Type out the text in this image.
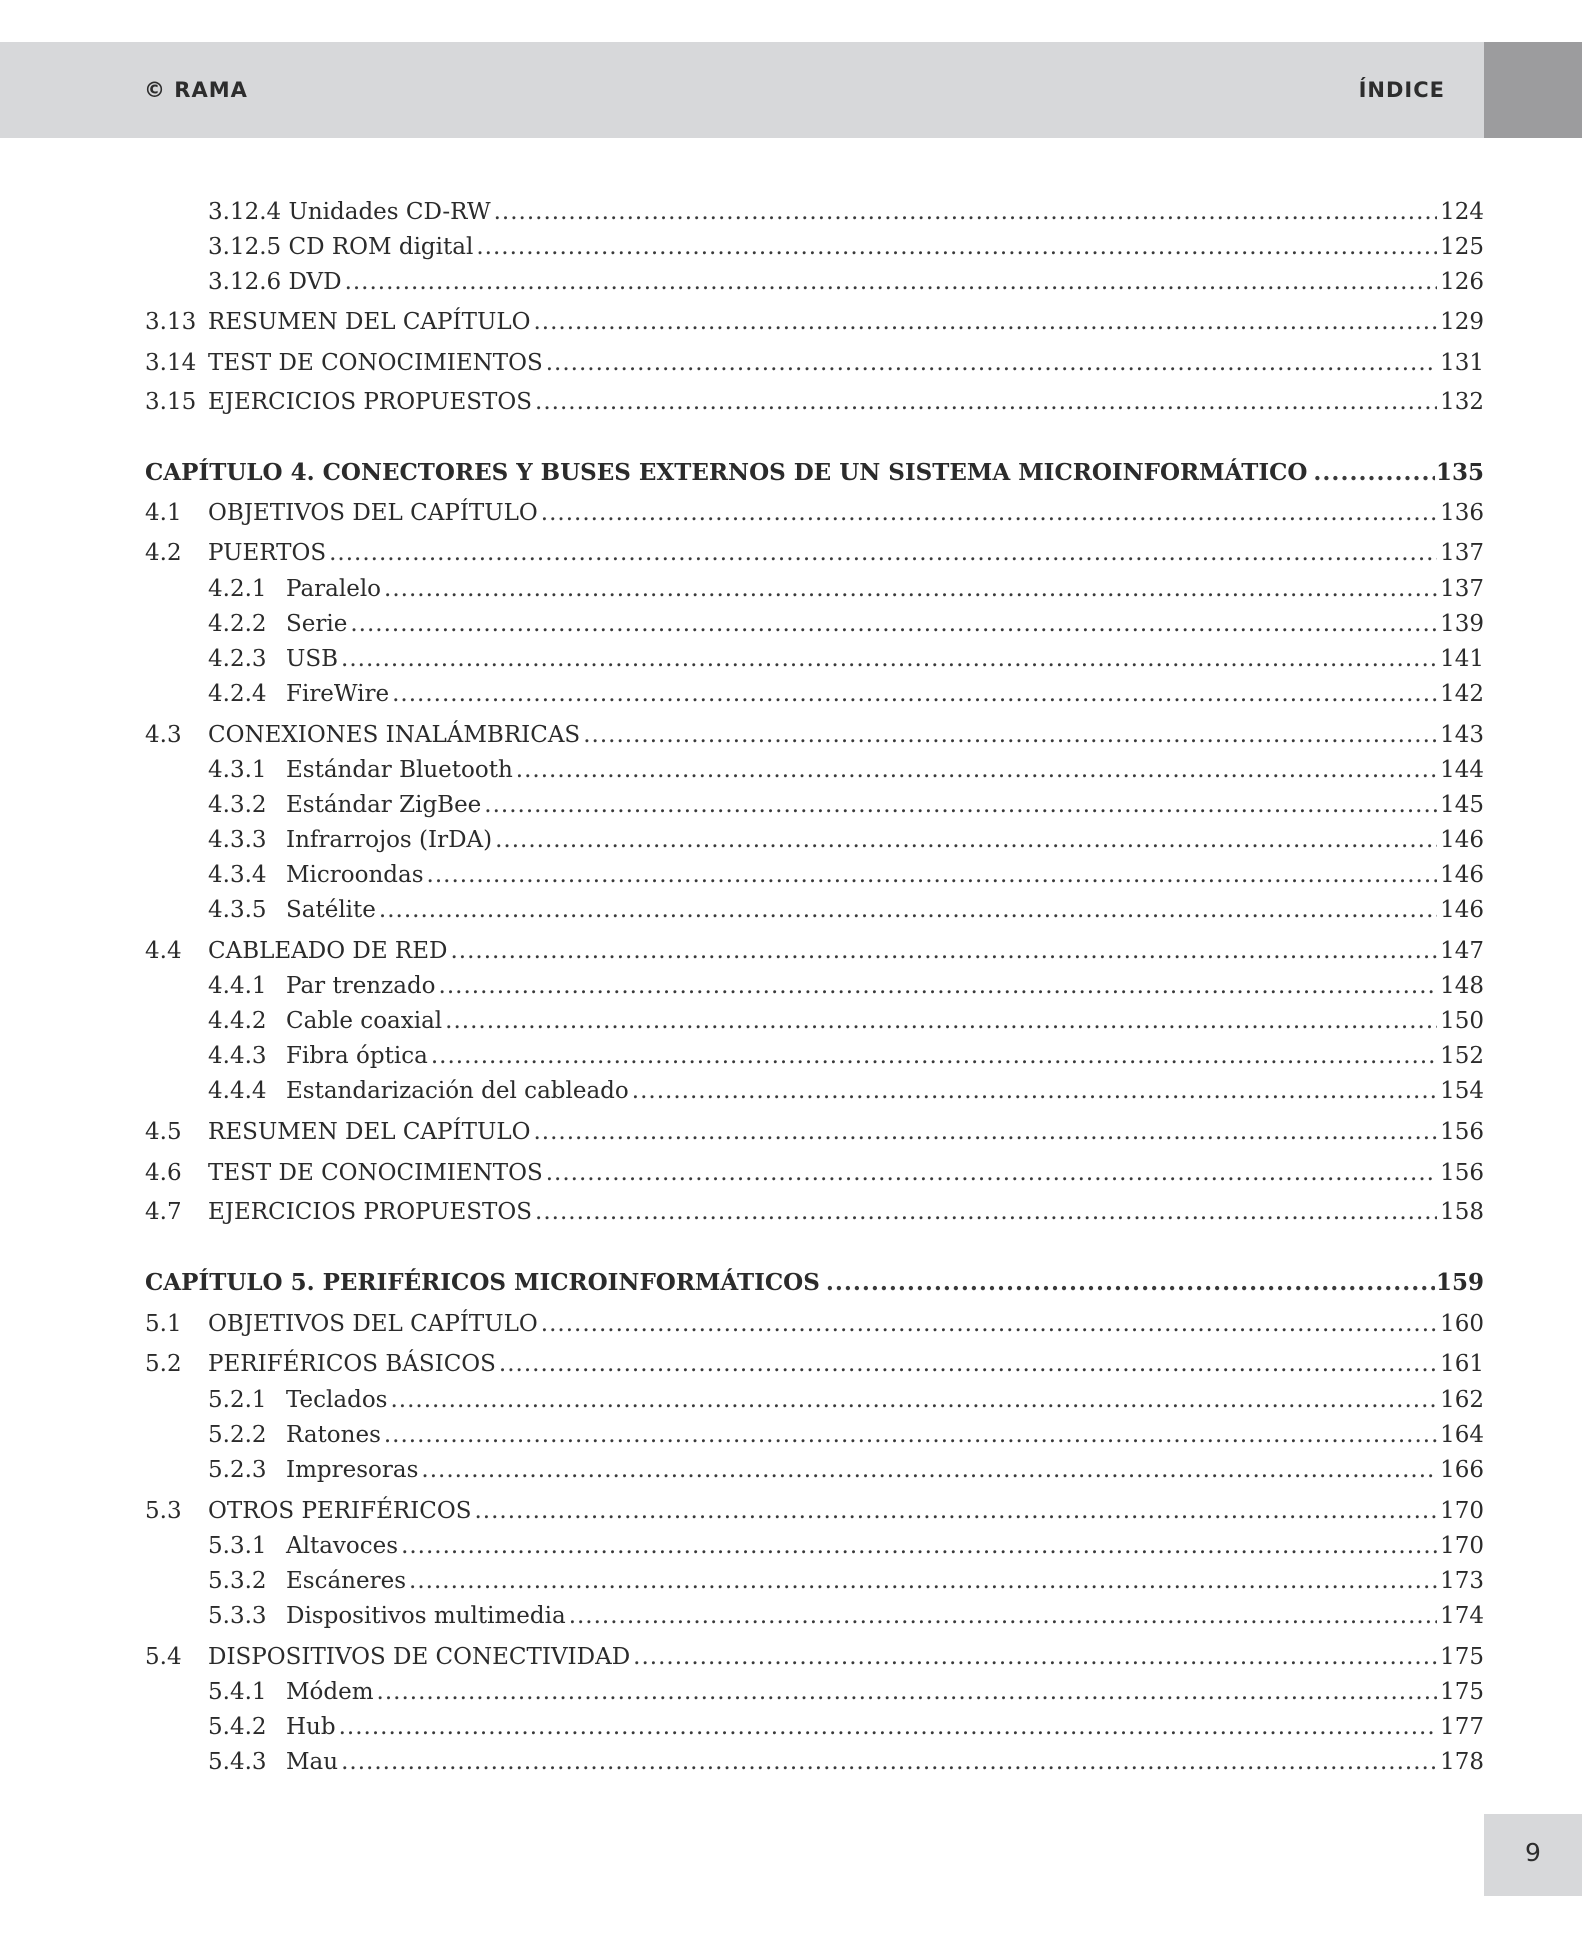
© RAMA	ÍNDICE
3.12.4 Unidades CD-RW .....	124
3.12.5 CD ROM digital .....	125
3.12.6 DVD .....	126
3.13 RESUMEN DEL CAPÍTULO .....	129
3.14 TEST DE CONOCIMIENTOS .....	131
3.15 EJERCICIOS PROPUESTOS .....	132
CAPÍTULO 4. CONECTORES Y BUSES EXTERNOS DE UN SISTEMA MICROINFORMÁTICO .....	135
4.1	OBJETIVOS DEL CAPÍTULO .....	136
4.2	PUERTOS .....	137
4.2.1 Paralelo .....	137
4.2.2 Serie .....	139
4.2.3 USB .....	141
4.2.4 FireWire .....	142
4.3	CONEXIONES INALÁMBRICAS .....	143
4.3.1 Estándar Bluetooth .....	144
4.3.2 Estándar ZigBee .....	145
4.3.3 Infrarrojos (IrDA) .....	146
4.3.4 Microondas .....	146
4.3.5 Satélite .....	146
4.4	CABLEADO DE RED .....	147
4.4.1 Par trenzado .....	148
4.4.2 Cable coaxial .....	150
4.4.3 Fibra óptica .....	152
4.4.4 Estandarización del cableado .....	154
4.5	RESUMEN DEL CAPÍTULO .....	156
4.6	TEST DE CONOCIMIENTOS .....	156
4.7	EJERCICIOS PROPUESTOS .....	158
CAPÍTULO 5. PERIFÉRICOS MICROINFORMÁTICOS .....	159
5.1	OBJETIVOS DEL CAPÍTULO .....	160
5.2	PERIFÉRICOS BÁSICOS .....	161
5.2.1 Teclados .....	162
5.2.2 Ratones .....	164
5.2.3 Impresoras .....	166
5.3	OTROS PERIFÉRICOS .....	170
5.3.1 Altavoces .....	170
5.3.2 Escáneres .....	173
5.3.3 Dispositivos multimedia .....	174
5.4	DISPOSITIVOS DE CONECTIVIDAD .....	175
5.4.1 Módem .....	175
5.4.2 Hub .....	177
5.4.3 Mau .....	178
9
